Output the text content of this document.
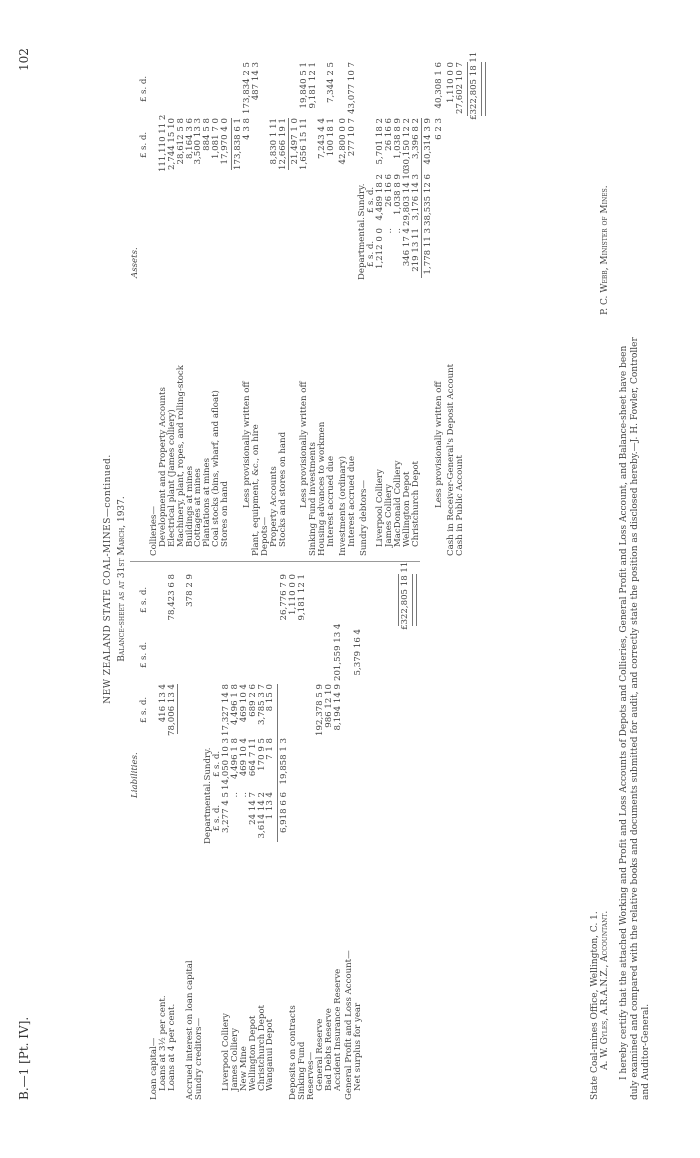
B.—1 [Pt. IV].
102
NEW ZEALAND STATE COAL-MINES—continued. Balance-sheet as at 31st March, 1937.
Liabilities.
£ s. d.
£ s. d.
£ s. d.
Loan capital—
Loans at 3½ per cent.
Loans at 4 per cent.
416 13 4
78,006 13 4
78,423 6 8
Accrued interest on loan capital
378 2 9
Sundry creditors—
Departmental.
Sundry.
£ s. d.
£ s. d.
Liverpool Colliery
James Colliery
New Mine
Wellington Depot
Christchurch Depot
Wanganui Depot
3,277 4 5
..
..
24 14 7
3,614 14 2
1 13 4
14,050 10 3
4,496 1 8
469 10 4
664 7 11
170 9 5
7 1 8
17,327 14 8
4,496 1 8
469 10 4
689 2 6
3,785 3 7
8 15 0
6,918 6 6
19,858 1 3
26,776 7 9
Deposits on contracts
1,110 0 0
Sinking Fund
9,181 12 1
Reserves—
General Reserve
Bad Debts Reserve
Accident Insurance Reserve
192,378 5 9
986 12 10
8,194 14 9
201,559 13 4
General Profit and Loss Account— Net surplus for year
5,379 16 4
£322,805 18 11
Assets.
£ s. d.
£ s. d.
Collieries—
Development and Property Accounts
Electrical plant (James colliery)
Machinery, plant, ropes, and rolling-stock
Buildings at mines
Cottages at mines
Plantations at mines
Coal stocks (bins, wharf, and afloat)
Stores on hand
111,110 11 2
2,744 15 10
28,612 5 8
8,164 3 6
3,500 13 3
884 5 8
1,081 7 0
17,970 4 0 173,838 6 1
Less provisionally written off
4 3 8
173,834 2 5
Plant, equipment, &c., on hire
487 14 3
Depots—
Property Accounts
Stocks and stores on hand
8,830 1 11
12,666 19 1 21,497 1 0
Less provisionally written off
1,656 15 11
19,840 5 1
Sinking Fund investments
9,181 12 1
Housing advances to workmen
7,243 4 4
Interest accrued due
100 18 1
7,344 2 5
Investments (ordinary)
42,800 0 0
Interest accrued due
277 10 7
43,077 10 7
Sundry debtors—
Departmental.
Sundry.
£ s. d.
£ s. d.
Liverpool Colliery
James Colliery
MacDonald Colliery
Wellington Depot
Christchurch Depot
1,212 0 0
..
..
346 17 4
219 13 11
4,489 18 2
26 16 6
1,038 8 9
29,803 14 10
3,176 14 3
5,701 18 2
26 16 6
1,038 8 9
30,150 12 2
3,396 8 2
1,778 11 3
38,535 12 6
40,314 3 9
Less provisionally written off
6 2 3
40,308 1 6
Cash in Receiver-General's Deposit Account
1,110 0 0
Cash in Public Account
27,602 10 7 £322,805 18 11
State Coal-mines Office, Wellington, C. 1. A. W. Gyles, A.R.A.N.Z., Accountant.
P. C. Webb, Minister of Mines.
I hereby certify that the attached Working and Profit and Loss Accounts of Depots and Collieries, General Profit and Loss Account, and Balance-sheet have been duly examined and compared with the relative books and documents submitted for audit, and correctly state the position as disclosed hereby.—J. H. Fowler, Controller and Auditor-General.
